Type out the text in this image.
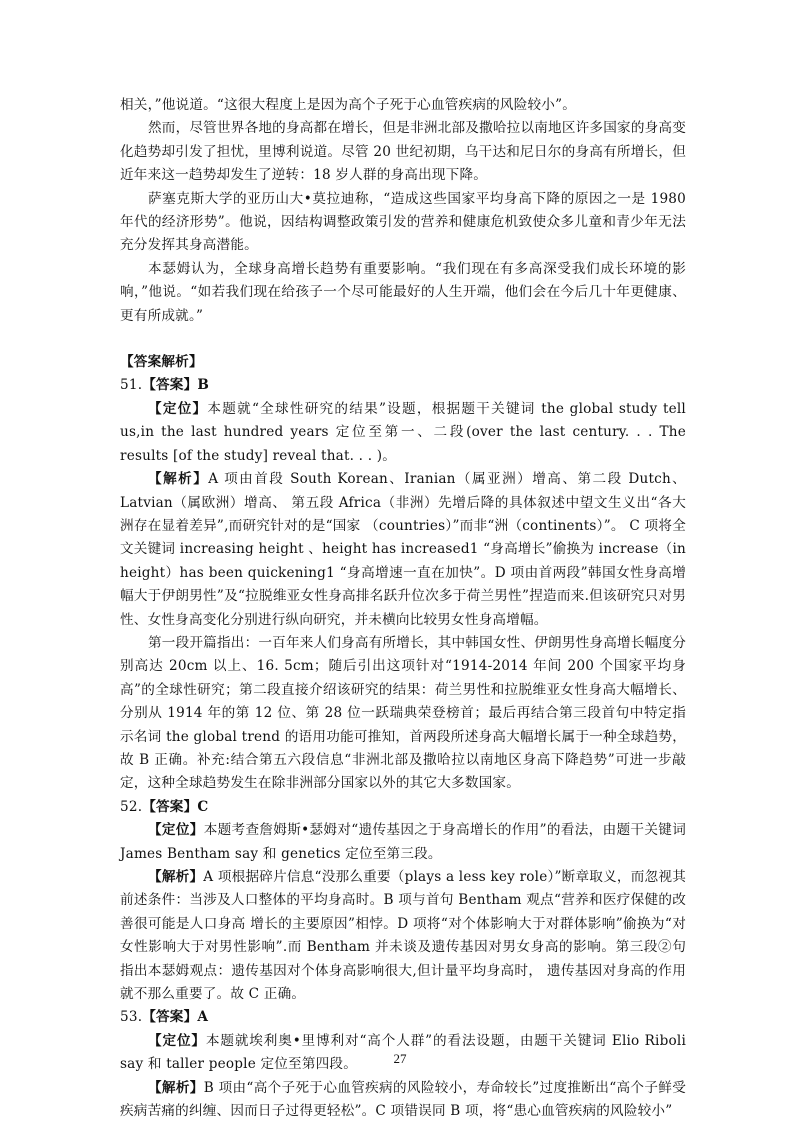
相关，”他说道。“这很大程度上是因为高个子死于心血管疾病的风险较小”。

然而，尽管世界各地的身高都在增长，但是非洲北部及撒哈拉以南地区许多国家的身高变化趋势却引发了担忧，里博利说道。尽管 20 世纪初期，乌干达和尼日尔的身高有所增长，但近年来这一趋势却发生了逆转：18 岁人群的身高出现下降。

萨塞克斯大学的亚历山大•莫拉迪称，“造成这些国家平均身高下降的原因之一是 1980 年代的经济形势”。他说，因结构调整政策引发的营养和健康危机致使众多儿童和青少年无法充分发挥其身高潜能。

本瑟姆认为，全球身高增长趋势有重要影响。“我们现在有多高深受我们成长环境的影响，”他说。“如若我们现在给孩子一个尽可能最好的人生开端，他们会在今后几十年更健康、更有所成就。”

【答案解析】

51.【答案】B

【定位】本题就“全球性研究的结果”设题，根据题干关键词 the global study tell us,in the last hundred years 定位至第一、二段(over the last century. . . The results [of the study] reveal that. . . )。

【解析】A 项由首段 South Korean、Iranian（属亚洲）增高、第二段 Dutch、Latvian（属欧洲）增高、 第五段 Africa（非洲）先增后降的具体叙述中望文生义出“各大洲存在显着差异”,而研究针对的是“国家 （countries）”而非“洲（continents）”。 C 项将全文关键词 increasing height 、height has increased1 “身高增长”偷换为 increase（in height）has been quickening1 “身高增速一直在加快”。D 项由首两段”韩国女性身高增幅大于伊朗男性”及“拉脱维亚女性身高排名跃升位次多于荷兰男性”捏造而来.但该研究只对男性、女性身高变化分别进行纵向研究，并未横向比较男女性身高增幅。

第一段开篇指出：一百年来人们身高有所增长，其中韩国女性、伊朗男性身高增长幅度分别高达 20cm 以上、16. 5cm；随后引出这项针对“1914-2014 年间 200 个国家平均身高”的全球性研究；第二段直接介绍该研究的结果：荷兰男性和拉脱维亚女性身高大幅增长、分别从 1914 年的第 12 位、第 28 位一跃瑞典荣登榜首；最后再结合第三段首句中特定指示名词 the global trend 的语用功能可推知，首两段所述身高大幅增长属于一种全球趋势，故 B 正确。补充:结合第五六段信息“非洲北部及撒哈拉以南地区身高下降趋势”可进一步敲定，这种全球趋势发生在除非洲部分国家以外的其它大多数国家。

52.【答案】C

【定位】本题考查詹姆斯•瑟姆对“遗传基因之于身高增长的作用”的看法，由题干关键词 James Bentham say 和 genetics 定位至第三段。

【解析】A 项根据碎片信息“没那么重要（plays a less key role）”断章取义，而忽视其前述条件：当涉及人口整体的平均身高时。B 项与首句 Bentham 观点“营养和医疗保健的改善很可能是人口身高 增长的主要原因”相悖。D 项将“对个体影响大于对群体影响”偷换为“对女性影响大于对男性影响”.而 Bentham 并未谈及遗传基因对男女身高的影响。第三段②句指出本瑟姆观点：遗传基因对个体身高影响很大,但计量平均身高时， 遗传基因对身高的作用就不那么重要了。故 C 正确。

53.【答案】A

【定位】本题就埃利奥•里博利对“高个人群”的看法设题，由题干关键词 Elio Riboli say 和 taller people 定位至第四段。

【解析】B 项由“高个子死于心血管疾病的风险较小，寿命较长”过度推断出“高个子鲜受疾病苦痛的纠缠、因而日子过得更轻松”。C 项错误同 B 项，将“患心血管疾病的风险较小”

27
